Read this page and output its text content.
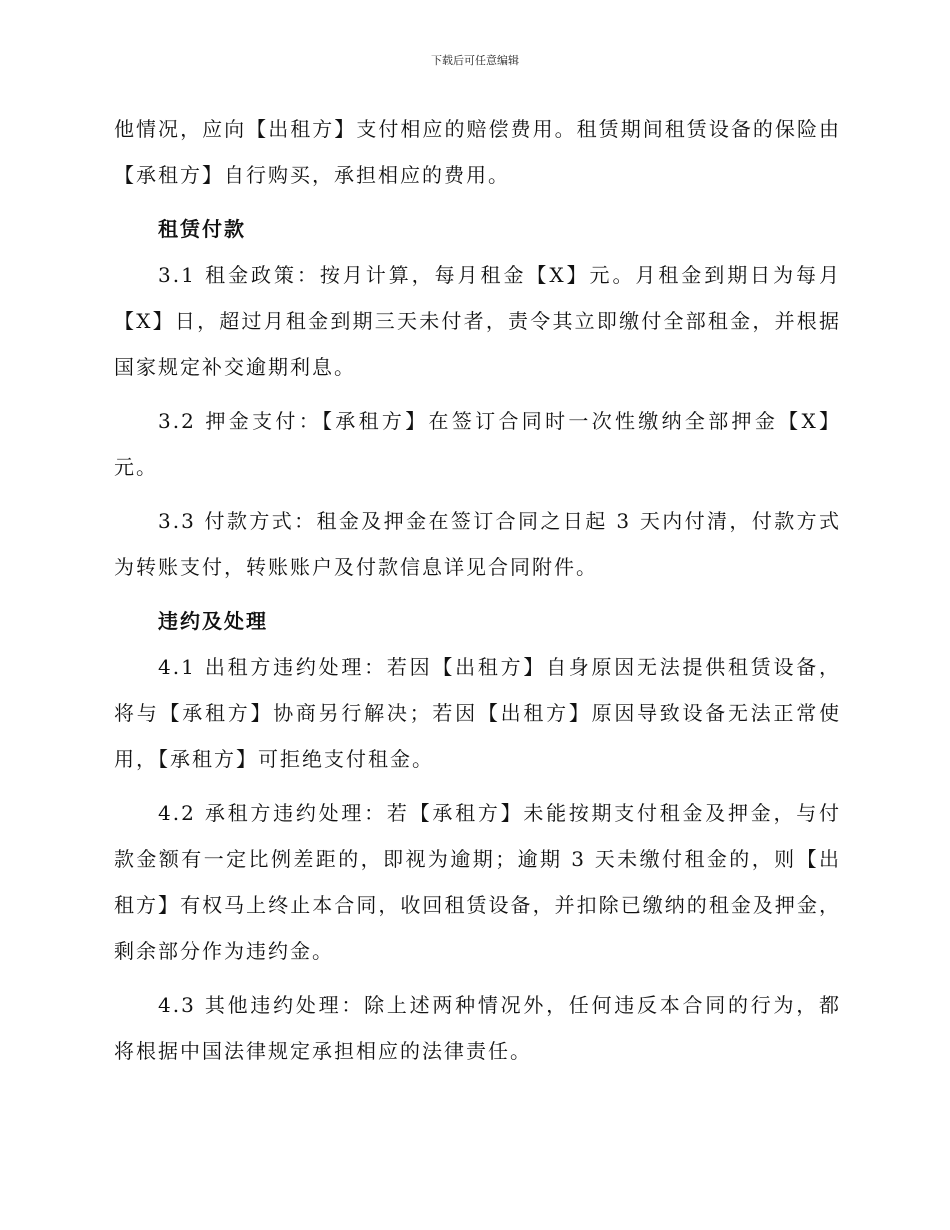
下载后可任意编辑

他情况，应向【出租方】支付相应的赔偿费用。租赁期间租赁设备的保险由【承租方】自行购买，承担相应的费用。

租赁付款

3.1 租金政策：按月计算，每月租金【X】元。月租金到期日为每月【X】日，超过月租金到期三天未付者，责令其立即缴付全部租金，并根据国家规定补交逾期利息。

3.2 押金支付：【承租方】在签订合同时一次性缴纳全部押金【X】元。

3.3 付款方式：租金及押金在签订合同之日起 3 天内付清，付款方式为转账支付，转账账户及付款信息详见合同附件。

违约及处理

4.1 出租方违约处理：若因【出租方】自身原因无法提供租赁设备，将与【承租方】协商另行解决；若因【出租方】原因导致设备无法正常使用，【承租方】可拒绝支付租金。

4.2 承租方违约处理：若【承租方】未能按期支付租金及押金，与付款金额有一定比例差距的，即视为逾期；逾期 3 天未缴付租金的，则【出租方】有权马上终止本合同，收回租赁设备，并扣除已缴纳的租金及押金，剩余部分作为违约金。

4.3 其他违约处理：除上述两种情况外，任何违反本合同的行为，都将根据中国法律规定承担相应的法律责任。
